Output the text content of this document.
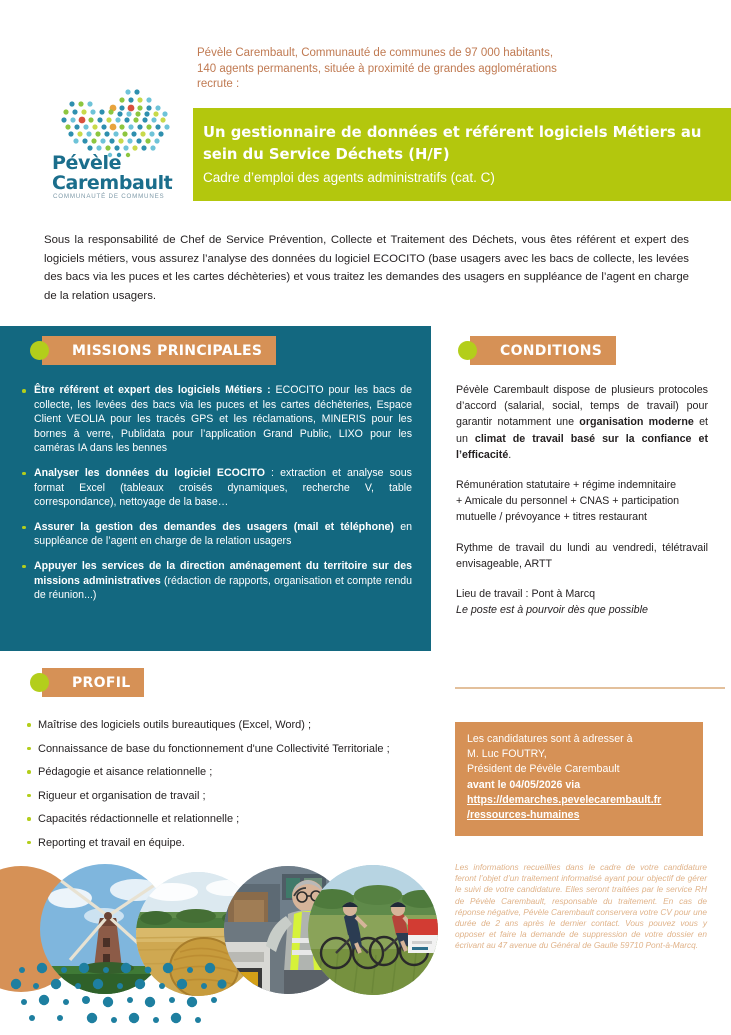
Pévèle Carembault, Communauté de communes de 97 000 habitants,
140 agents permanents, située à proximité de grandes agglomérations
recrute :
Pévèle
Carembault
COMMUNAUTÉ DE COMMUNES
Un gestionnaire de données et référent logiciels Métiers au sein du Service Déchets (H/F)
Cadre d’emploi des agents administratifs (cat. C)
Sous la responsabilité de Chef de Service Prévention, Collecte et Traitement des Déchets, vous êtes référent et expert des logiciels métiers, vous assurez l’analyse des données du logiciel ECOCITO (base usagers avec les bacs de collecte, les levées des bacs via les puces et les cartes déchèteries) et vous traitez les demandes des usagers en suppléance de l’agent en charge de la relation usagers.
MISSIONS PRINCIPALES
Être référent et expert des logiciels Métiers : ECOCITO pour les bacs de collecte, les levées des bacs via les puces et les cartes déchèteries, Espace Client VEOLIA pour les tracés GPS et les réclamations, MINERIS pour les bornes à verre, Publidata pour l’application Grand Public, LIXO pour les caméras IA dans les bennes
Analyser les données du logiciel ECOCITO : extraction et analyse sous format Excel (tableaux croisés dynamiques, recherche V, table correspondance), nettoyage de la base…
Assurer la gestion des demandes des usagers (mail et téléphone) en suppléance de l’agent en charge de la relation usagers
Appuyer les services de la direction aménagement du territoire sur des missions administratives (rédaction de rapports, organisation et compte rendu de réunion...)
CONDITIONS

Pévèle Carembault dispose de plusieurs protocoles d’accord (salarial, social, temps de travail) pour garantir notamment une organisation moderne et un climat de travail basé sur la confiance et l’efficacité.

Rémunération statutaire + régime indemnitaire
+ Amicale du personnel + CNAS + participation
mutuelle / prévoyance + titres restaurant

Rythme de travail du lundi au vendredi, télétravail envisageable, ARTT

Lieu de travail : Pont à Marcq
Le poste est à pourvoir dès que possible

PROFIL
Maîtrise des logiciels outils bureautiques (Excel, Word) ;
Connaissance de base du fonctionnement d'une Collectivité Territoriale ;
Pédagogie et aisance relationnelle ;
Rigueur et organisation de travail ;
Capacités rédactionnelle et relationnelle ;
Reporting et travail en équipe.
Les candidatures sont à adresser à
M. Luc FOUTRY,
Président de Pévèle Carembault
avant le 04/05/2026 via
https://demarches.pevelecarembault.fr
/ressources-humaines
Les informations recueillies dans le cadre de votre candidature feront l’objet d’un traitement informatisé ayant pour objectif de gérer le suivi de votre candidature. Elles seront traitées par le service RH de Pévèle Carembault, responsable du traitement. En cas de réponse négative, Pévèle Carembault conservera votre CV pour une durée de 2 ans après le dernier contact. Vous pouvez vous y opposer et faire la demande de suppression de votre dossier en écrivant au 47 avenue du Général de Gaulle 59710 Pont-à-Marcq.
